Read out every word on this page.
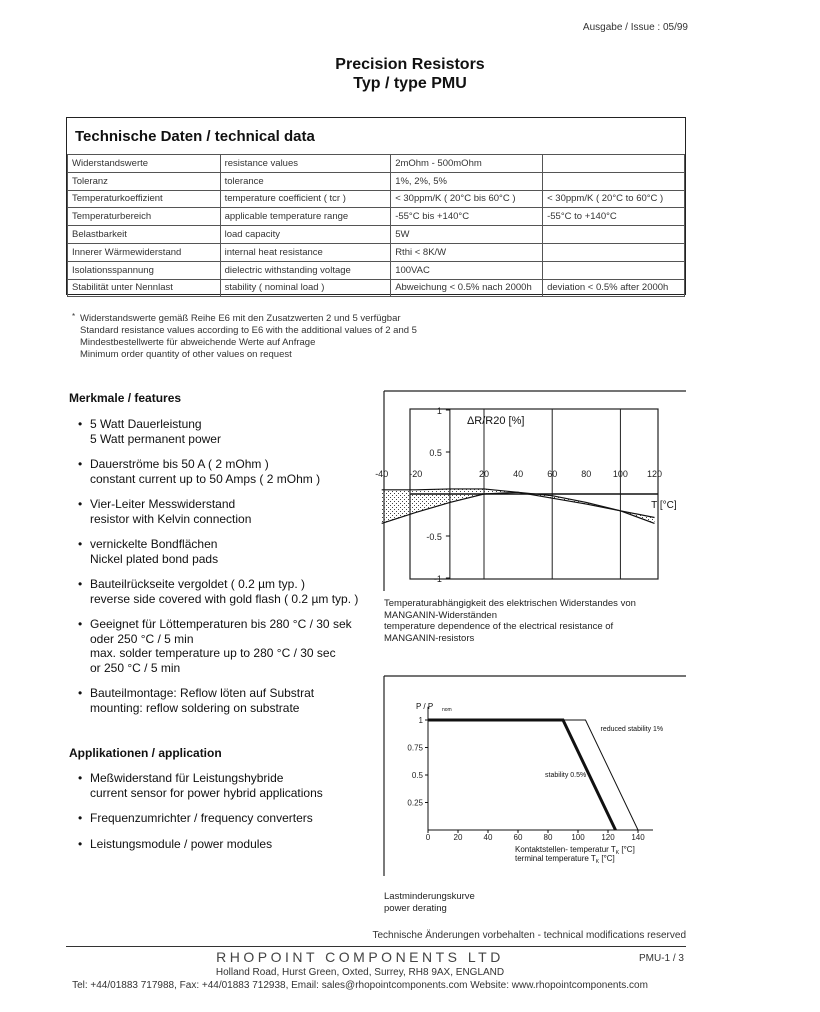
Ausgabe / Issue : 05/99
Precision Resistors
Typ / type PMU
Technische Daten / technical data
Widerstandswerte	resistance values	2mOhm - 500mOhm	
Toleranz	tolerance	1%, 2%, 5%	
Temperaturkoeffizient	temperature coefficient ( tcr )	< 30ppm/K ( 20°C bis 60°C )	< 30ppm/K ( 20°C to 60°C )
Temperaturbereich	applicable temperature range	-55°C bis +140°C	-55°C to +140°C
Belastbarkeit	load capacity	5W	
Innerer Wärmewiderstand	internal heat resistance	Rthi < 8K/W	
Isolationsspannung	dielectric withstanding voltage	100VAC	
Stabilität unter Nennlast	stability ( nominal load )	Abweichung < 0.5% nach 2000h	deviation < 0.5% after 2000h
* Widerstandswerte gemäß Reihe E6 mit den Zusatzwerten 2 und 5 verfügbar
Standard resistance values according to E6 with the additional values of 2 and 5
Mindestbestellwerte für abweichende Werte auf Anfrage
Minimum order quantity of other values on request
Merkmale / features
• 5 Watt Dauerleistung
5 Watt permanent power
• Dauerströme bis 50 A ( 2 mOhm )
constant current up to 50 Amps ( 2 mOhm )
• Vier-Leiter Messwiderstand
resistor with Kelvin connection
• vernickelte Bondflächen
Nickel plated bond pads
• Bauteilrückseite vergoldet ( 0.2 µm typ. )
reverse side covered with gold flash ( 0.2 µm typ. )
• Geeignet für Löttemperaturen bis 280 °C / 30 sek
oder 250 °C / 5 min
max. solder temperature up to 280 °C / 30 sec
or 250 °C / 5 min
• Bauteilmontage: Reflow löten auf Substrat
mounting: reflow soldering on substrate
Applikationen / application
• Meßwiderstand für Leistungshybride
current sensor for power hybrid applications
• Frequenzumrichter / frequency converters
• Leistungsmodule / power modules
1
0.5
-0.5
-1
-40 -20	20	40	60	80 100 120
ΔR/R20 [%]
T [°C]
Temperaturabhängigkeit des elektrischen Widerstandes von
MANGANIN-Widerständen
temperature dependence of the electrical resistance of
MANGANIN-resistors
0	20	40	60	80 100 120 140
1
0.75
0.5
0.25
P / P nom
reduced stability 1%
stability 0.5%
Kontaktstellen- temperatur $T_K$ [°C]
terminal temperature $T_K$ [°C]
Lastminderungskurve
power derating
Technische Änderungen vorbehalten - technical modifications reserved
RHOPOINT COMPONENTS LTD	PMU-1 / 3
Holland Road, Hurst Green, Oxted, Surrey, RH8 9AX, ENGLAND
Tel: +44/01883 717988, Fax: +44/01883 712938, Email: sales@rhopointcomponents.com Website: www.rhopointcomponents.com
